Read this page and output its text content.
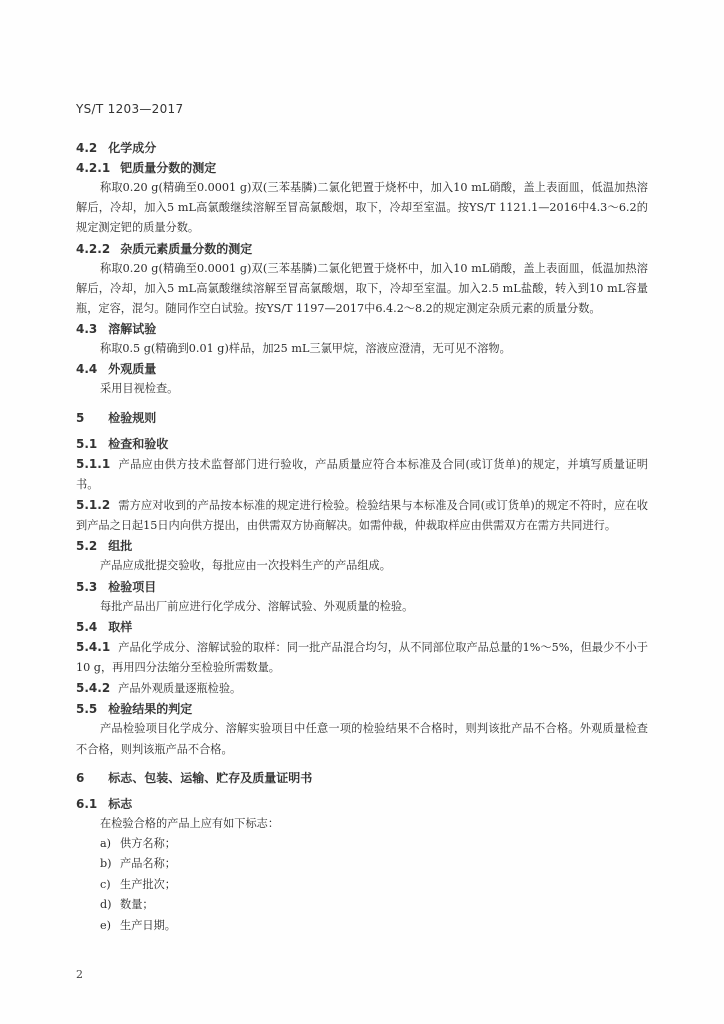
YS/T 1203—2017
4.2 化学成分
4.2.1 钯质量分数的测定
称取0.20 g(精确至0.0001 g)双(三苯基膦)二氯化钯置于烧杯中，加入10 mL硝酸，盖上表面皿，低温加热溶解后，冷却，加入5 mL高氯酸继续溶解至冒高氯酸烟，取下，冷却至室温。按YS/T 1121.1—2016中4.3～6.2的规定测定钯的质量分数。
4.2.2 杂质元素质量分数的测定
称取0.20 g(精确至0.0001 g)双(三苯基膦)二氯化钯置于烧杯中，加入10 mL硝酸，盖上表面皿，低温加热溶解后，冷却，加入5 mL高氯酸继续溶解至冒高氯酸烟，取下，冷却至室温。加入2.5 mL盐酸，转入到10 mL容量瓶，定容，混匀。随同作空白试验。按YS/T 1197—2017中6.4.2～8.2的规定测定杂质元素的质量分数。
4.3 溶解试验
称取0.5 g(精确到0.01 g)样品，加25 mL三氯甲烷，溶液应澄清，无可见不溶物。
4.4 外观质量
采用目视检查。
5 检验规则
5.1 检查和验收
5.1.1 产品应由供方技术监督部门进行验收，产品质量应符合本标准及合同(或订货单)的规定，并填写质量证明书。
5.1.2 需方应对收到的产品按本标准的规定进行检验。检验结果与本标准及合同(或订货单)的规定不符时，应在收到产品之日起15日内向供方提出，由供需双方协商解决。如需仲裁，仲裁取样应由供需双方在需方共同进行。
5.2 组批
产品应成批提交验收，每批应由一次投料生产的产品组成。
5.3 检验项目
每批产品出厂前应进行化学成分、溶解试验、外观质量的检验。
5.4 取样
5.4.1 产品化学成分、溶解试验的取样：同一批产品混合均匀，从不同部位取产品总量的1%～5%，但最少不小于10 g，再用四分法缩分至检验所需数量。
5.4.2 产品外观质量逐瓶检验。
5.5 检验结果的判定
产品检验项目化学成分、溶解实验项目中任意一项的检验结果不合格时，则判该批产品不合格。外观质量检查不合格，则判该瓶产品不合格。
6 标志、包装、运输、贮存及质量证明书
6.1 标志
在检验合格的产品上应有如下标志：
a) 供方名称；
b) 产品名称；
c) 生产批次；
d) 数量；
e) 生产日期。
2
